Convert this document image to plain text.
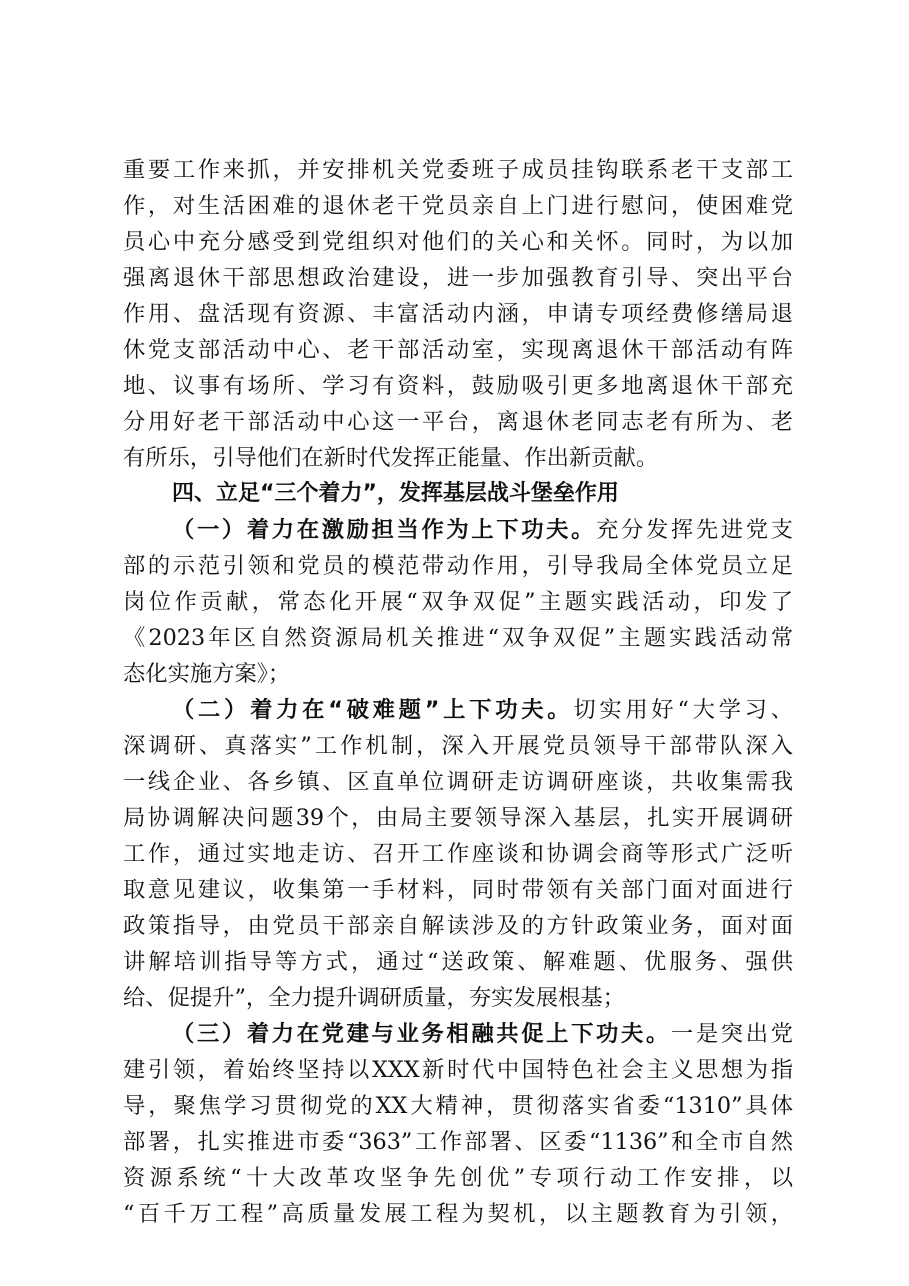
重要工作来抓，并安排机关党委班子成员挂钩联系老干支部工
作，对生活困难的退休老干党员亲自上门进行慰问，使困难党
员心中充分感受到党组织对他们的关心和关怀。同时，为以加
强离退休干部思想政治建设，进一步加强教育引导、突出平台
作用、盘活现有资源、丰富活动内涵，申请专项经费修缮局退
休党支部活动中心、老干部活动室，实现离退休干部活动有阵
地、议事有场所、学习有资料，鼓励吸引更多地离退休干部充
分用好老干部活动中心这一平台，离退休老同志老有所为、老
有所乐，引导他们在新时代发挥正能量、作出新贡献。
四、立足“三个着力”，发挥基层战斗堡垒作用
（一）着力在激励担当作为上下功夫。充分发挥先进党支
部的示范引领和党员的模范带动作用，引导我局全体党员立足
岗位作贡献，常态化开展“双争双促”主题实践活动，印发了
《2023年区自然资源局机关推进“双争双促”主题实践活动常
态化实施方案》；
（二）着力在“破难题”上下功夫。切实用好“大学习、
深调研、真落实”工作机制，深入开展党员领导干部带队深入
一线企业、各乡镇、区直单位调研走访调研座谈，共收集需我
局协调解决问题39个，由局主要领导深入基层，扎实开展调研
工作，通过实地走访、召开工作座谈和协调会商等形式广泛听
取意见建议，收集第一手材料，同时带领有关部门面对面进行
政策指导，由党员干部亲自解读涉及的方针政策业务，面对面
讲解培训指导等方式，通过“送政策、解难题、优服务、强供
给、促提升”，全力提升调研质量，夯实发展根基；
（三）着力在党建与业务相融共促上下功夫。一是突出党
建引领，着始终坚持以XXX新时代中国特色社会主义思想为指
导，聚焦学习贯彻党的XX大精神，贯彻落实省委“1310”具体
部署，扎实推进市委“363”工作部署、区委“1136”和全市自然
资源系统“十大改革攻坚争先创优”专项行动工作安排，以
“百千万工程”高质量发展工程为契机，以主题教育为引领，
